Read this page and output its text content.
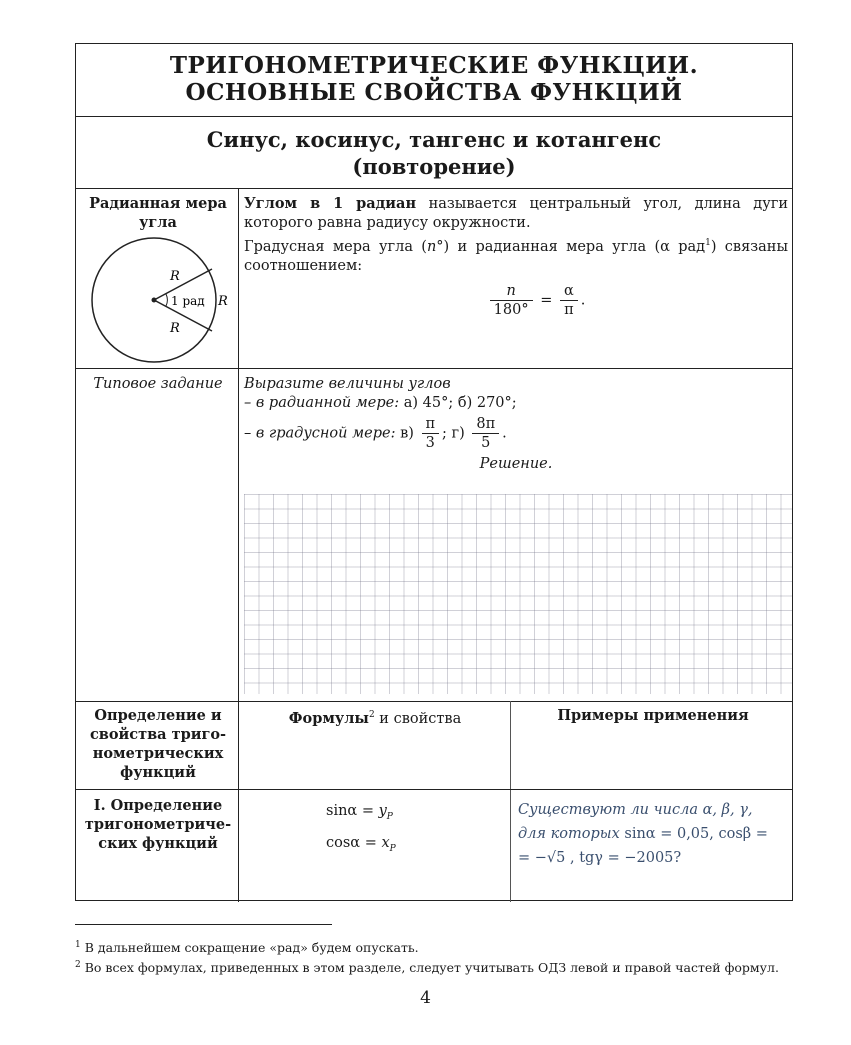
ТРИГОНОМЕТРИЧЕСКИЕ ФУНКЦИИ.
ОСНОВНЫЕ СВОЙСТВА ФУНКЦИЙ
Синус, косинус, тангенс и котангенс
(повторение)
Радианная мера
угла
R
R
R
1 рад
Углом в 1 радиан называется центральный угол, длина дуги которого равна радиусу окружности.
Градусная мера угла (n°) и радианная мера угла (α рад$^1$) связаны соотношением:
$\frac{n}{180^\circ} = \frac{\alpha}{\pi}$ .
Типовое задание	Выразите величины углов
– в радианной мере: а) 45°; б) 270°;
– в градусной мере: $в) \frac{\pi}{3}$ ; $г) \frac{8\pi}{5}$ .
Решение.
Определение и
свойства триго-
нометрических
функций
Формулы$^2$ и свойства	Примеры применения
I. Определение
тригонометриче-
ских функций
$\sin\alpha = y_P$
$\cos\alpha = x_P$
Существуют ли числа α, β, γ,
для которых sinα = 0,05, cosβ =
= −√5 , tgγ = −2005?
$^1$ В дальнейшем сокращение «рад» будем опускать.
$^2$ Во всех формулах, приведенных в этом разделе, следует учитывать ОДЗ левой и правой частей формул.
4
